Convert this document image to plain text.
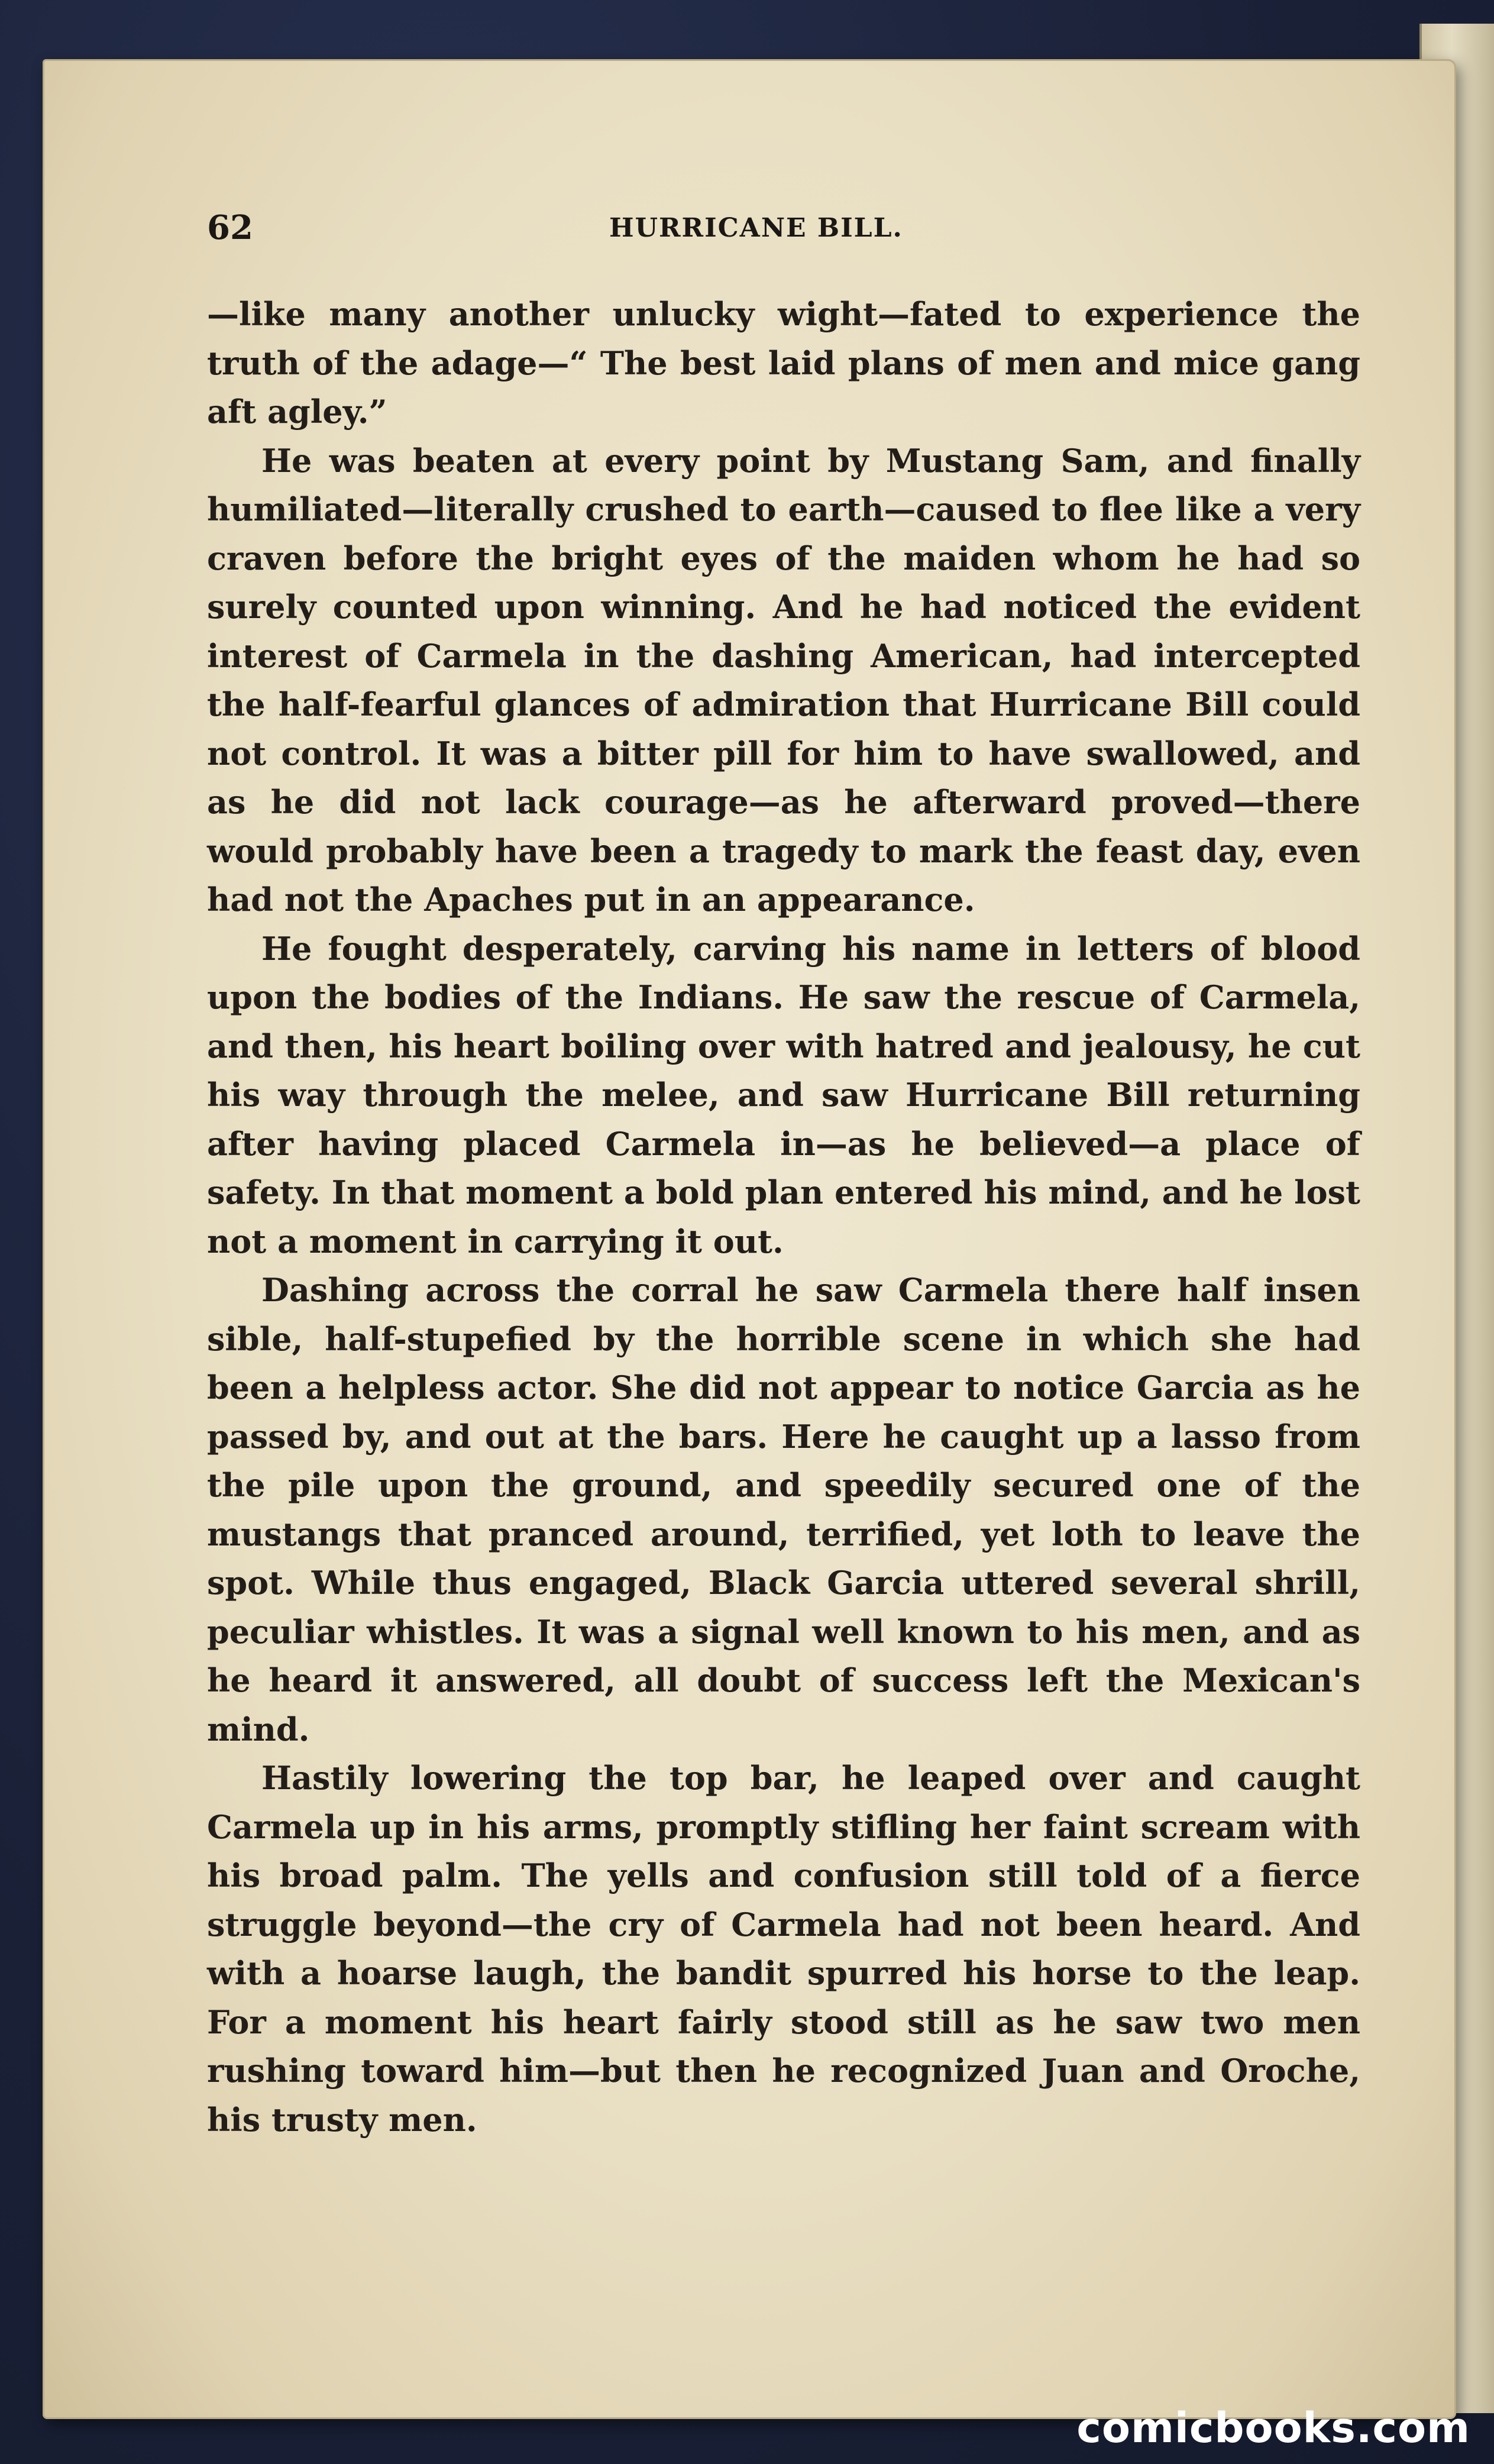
62	HURRICANE BILL.

—like many another unlucky wight—fated to experience the truth of the adage—“ The best laid plans of men and mice gang aft agley.”

He was beaten at every point by Mustang Sam, and finally humiliated—literally crushed to earth—caused to flee like a very craven before the bright eyes of the maiden whom he had so surely counted upon winning. And he had noticed the evident interest of Carmela in the dashing American, had intercepted the half-fearful glances of admiration that Hurricane Bill could not control. It was a bitter pill for him to have swallowed, and as he did not lack courage—as he afterward proved—there would probably have been a tragedy to mark the feast day, even had not the Apaches put in an appearance.

He fought desperately, carving his name in letters of blood upon the bodies of the Indians. He saw the rescue of Carmela, and then, his heart boiling over with hatred and jealousy, he cut his way through the melee, and saw Hurricane Bill returning after having placed Carmela in—as he believed—a place of safety. In that moment a bold plan entered his mind, and he lost not a moment in carrying it out.

Dashing across the corral he saw Carmela there half insen sible, half-stupefied by the horrible scene in which she had been a helpless actor. She did not appear to notice Garcia as he passed by, and out at the bars. Here he caught up a lasso from the pile upon the ground, and speedily secured one of the mustangs that pranced around, terrified, yet loth to leave the spot. While thus engaged, Black Garcia uttered several shrill, peculiar whistles. It was a signal well known to his men, and as he heard it answered, all doubt of success left the Mexican's mind.

Hastily lowering the top bar, he leaped over and caught Carmela up in his arms, promptly stifling her faint scream with his broad palm. The yells and confusion still told of a fierce struggle beyond—the cry of Carmela had not been heard. And with a hoarse laugh, the bandit spurred his horse to the leap. For a moment his heart fairly stood still as he saw two men rushing toward him—but then he recognized Juan and Oroche, his trusty men.

comicbooks.com
